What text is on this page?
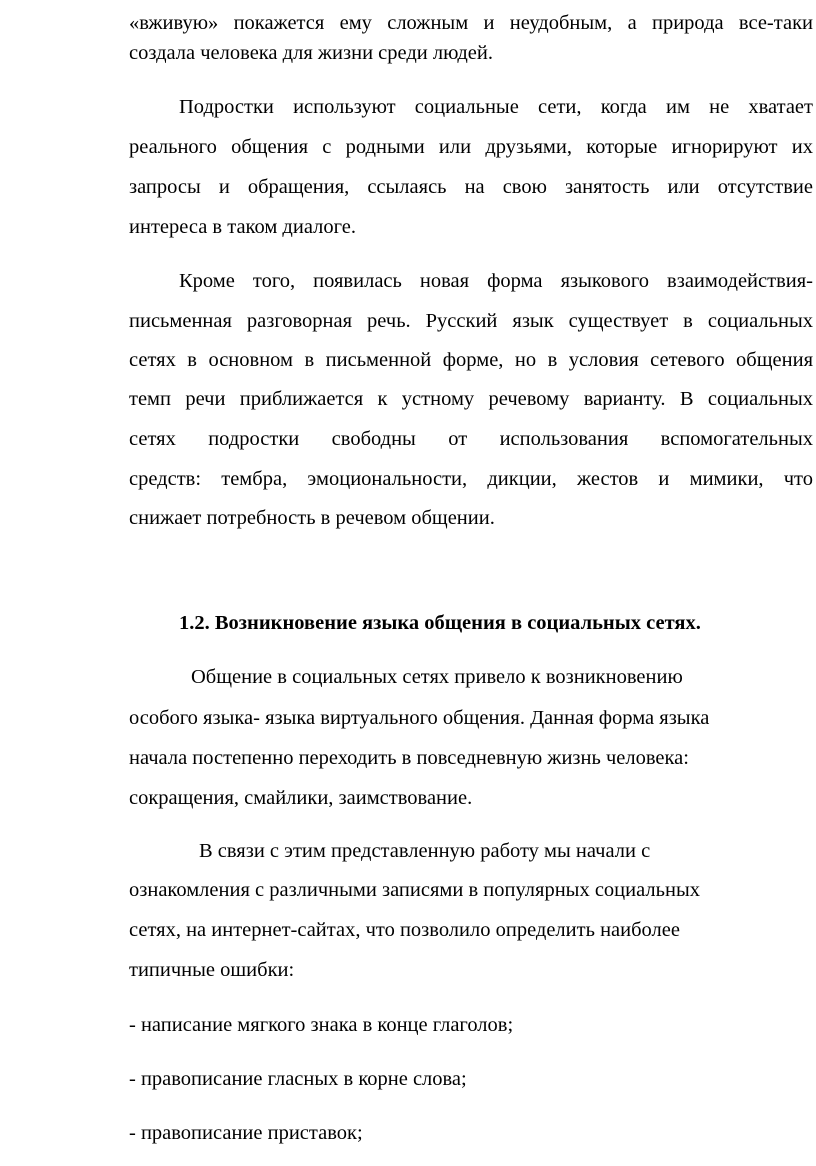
«вживую» покажется ему сложным и неудобным, а природа все-таки
создала человека для жизни среди людей.
Подростки используют социальные сети, когда им не хватает
реального общения с родными или друзьями, которые игнорируют их
запросы и обращения, ссылаясь на свою занятость или отсутствие
интереса в таком диалоге.
Кроме того, появилась новая форма языкового взаимодействия-
письменная разговорная речь. Русский язык существует в социальных
сетях в основном в письменной форме, но в условия сетевого общения
темп речи приближается к устному речевому варианту. В социальных
сетях подростки свободны от использования вспомогательных
средств: тембра, эмоциональности, дикции, жестов и мимики, что
снижает потребность в речевом общении.
1.2. Возникновение языка общения в социальных сетях.
Общение в социальных сетях привело к возникновению
особого языка- языка виртуального общения. Данная форма языка
начала постепенно переходить в повседневную жизнь человека:
сокращения, смайлики, заимствование.
В связи с этим представленную работу мы начали с
ознакомления с различными записями в популярных социальных
сетях, на интернет-сайтах, что позволило определить наиболее
типичные ошибки:
- написание мягкого знака в конце глаголов;
- правописание гласных в корне слова;
- правописание приставок;
